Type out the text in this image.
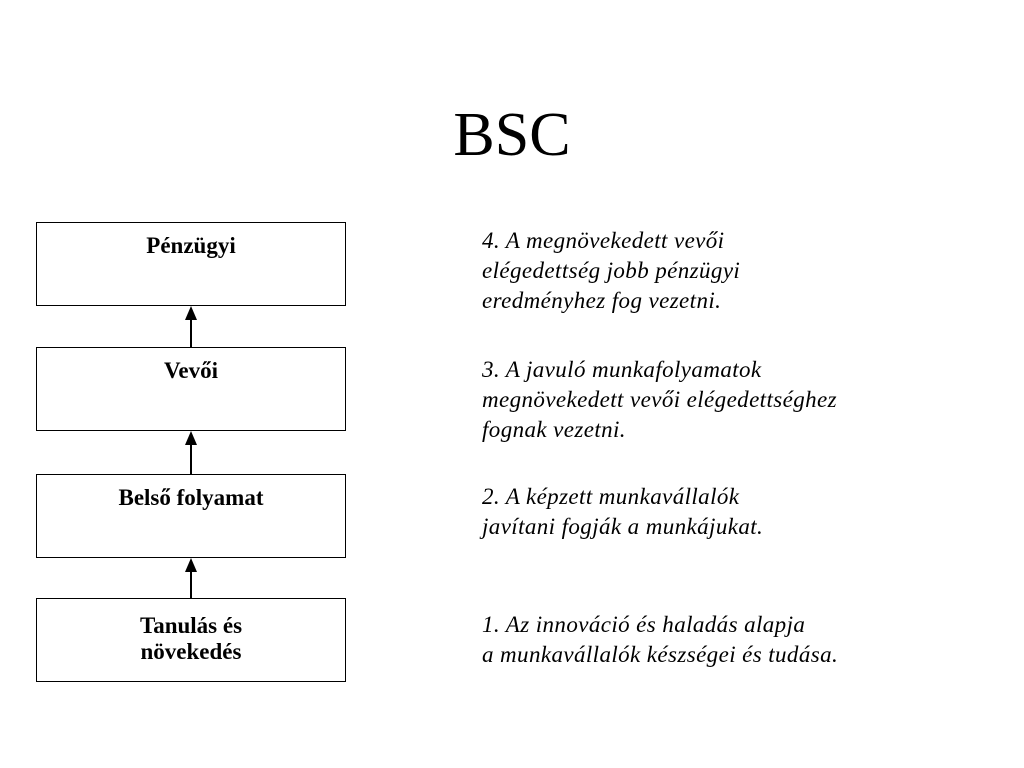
BSC
Pénzügyi
Vevői
Belső folyamat
Tanulás és
növekedés
4. A megnövekedett vevői
elégedettség jobb pénzügyi
eredményhez fog vezetni.
3. A javuló munkafolyamatok
megnövekedett vevői elégedettséghez
fognak vezetni.
2. A képzett munkavállalók
javítani fogják a munkájukat.
1. Az innováció és haladás alapja
a munkavállalók készségei és tudása.
